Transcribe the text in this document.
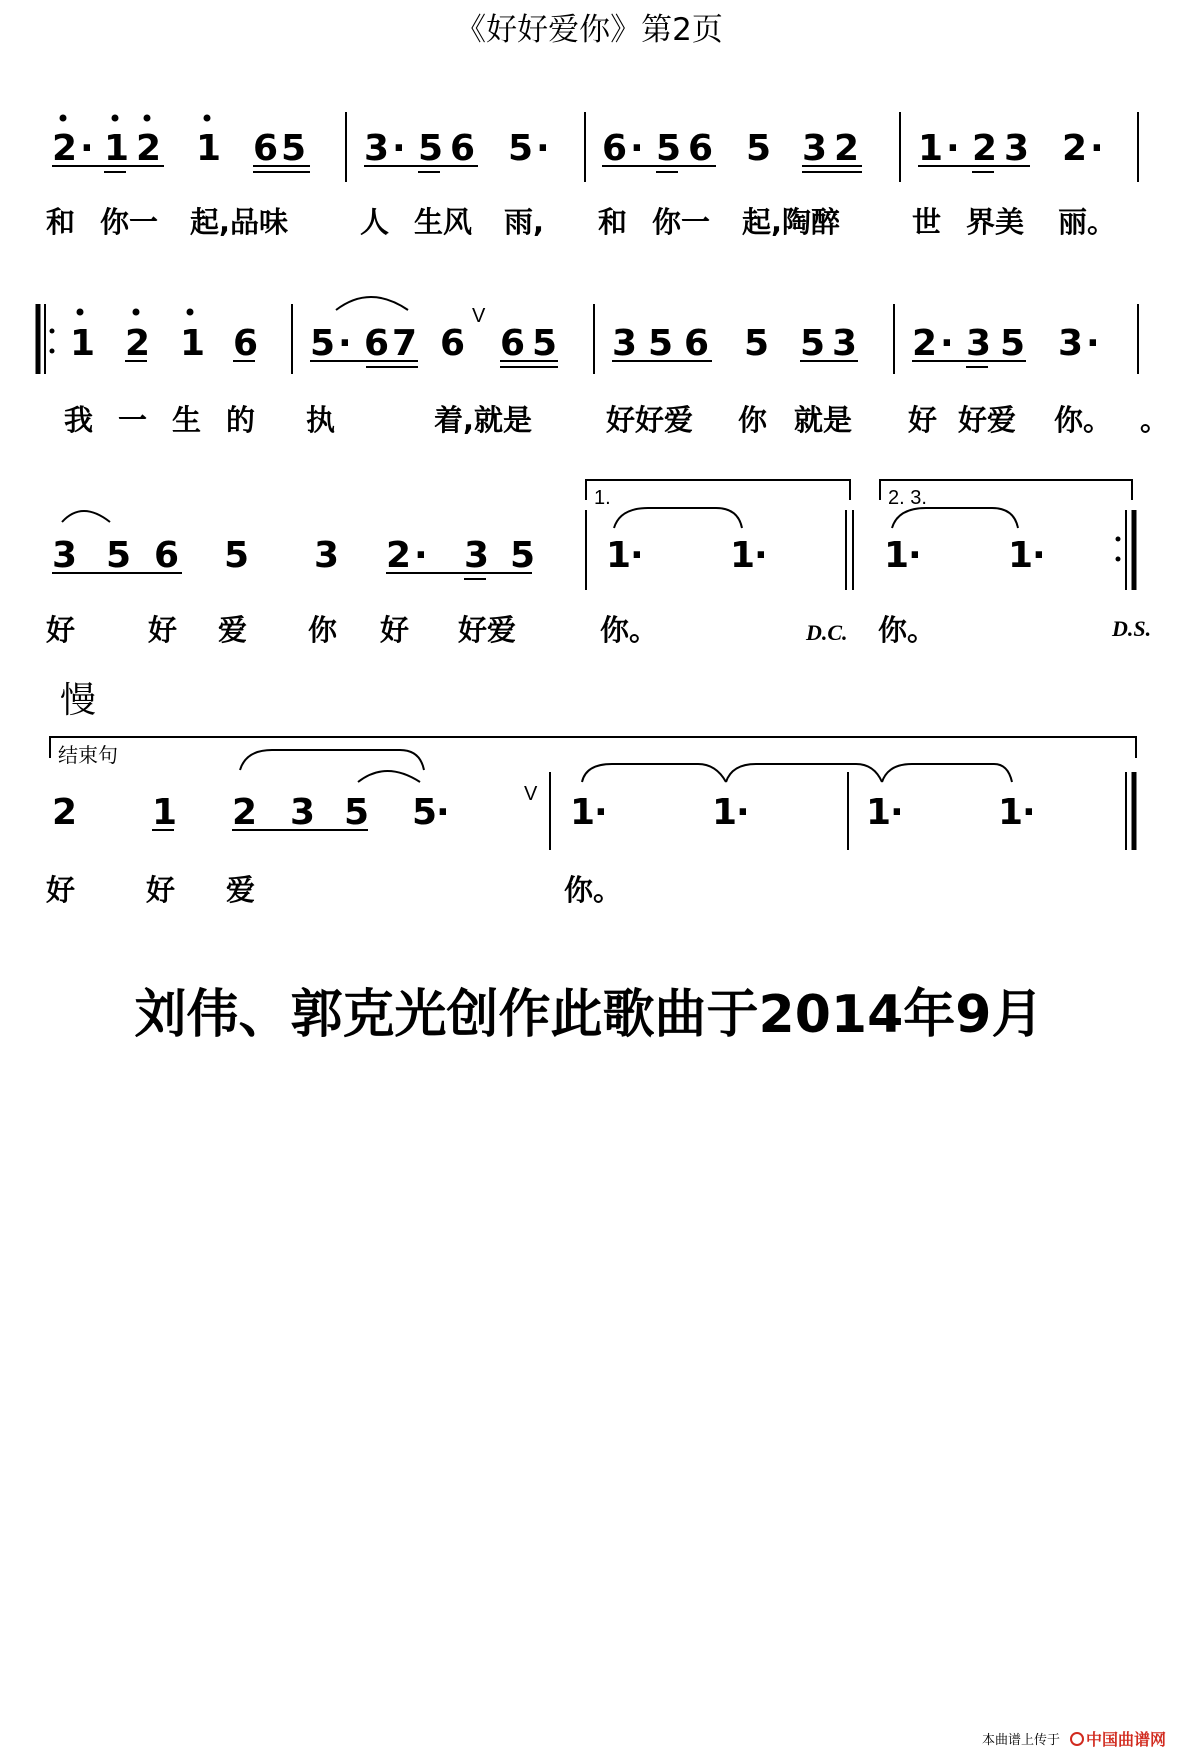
《好好爱你》第2页
2 · 1 2 1 6 5 3 · 5 6 5 · 6 · 5 6 5 3 2 1 · 2 3 2 ·
和 你一 起,品味 人 生风 雨, 和 你一 起,陶醉 世 界美 丽。
V
1 2 1 6 5 · 6 7 6 6 5 3 5 6 5 5 3 2 · 3 5 3 ·
我 一 生 的 执	着,就是	好好爱 你 就是 好 好爱 你。 。
1.	2. 3.
3 5 6 5 3 2 · 3 5 1
· 1
·	1
· 1
·
好	好 爱 你 好 好爱	你。	你。
D.C.	D.S.
慢
结束句
V
2 1 2 3 5 5
·	1
·	1
·	1
·	1
·
好 好 爱	你。
刘伟、郭克光创作此歌曲于2014年9月
本曲谱上传于 中国曲谱网
